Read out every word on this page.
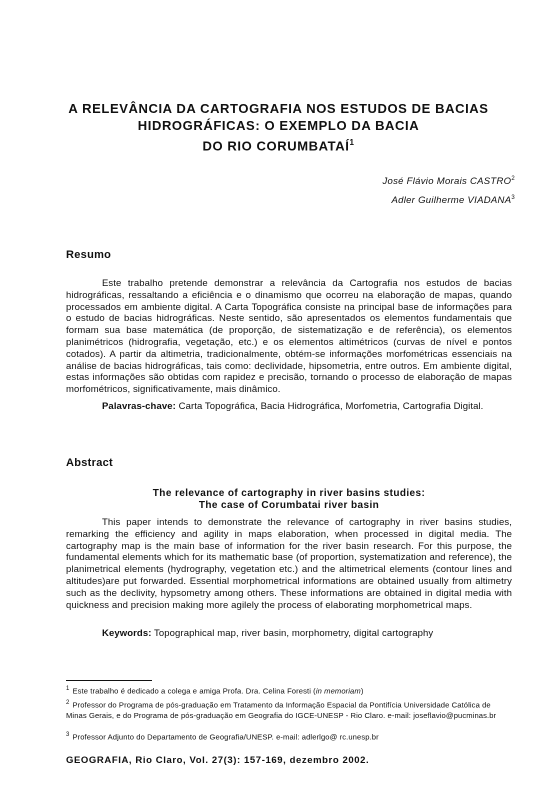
A RELEVÂNCIA DA CARTOGRAFIA NOS ESTUDOS DE BACIAS
HIDROGRÁFICAS: O EXEMPLO DA BACIA
DO RIO CORUMBATAÍ$^1$
José Flávio Morais CASTRO$^2$
Adler Guilherme VIADANA$^3$
Resumo
Este trabalho pretende demonstrar a relevância da Cartografia nos estudos de bacias hidrográficas, ressaltando a eficiência e o dinamismo que ocorreu na elaboração de mapas, quando processados em ambiente digital. A Carta Topográfica consiste na principal base de informações para o estudo de bacias hidrográficas. Neste sentido, são apresentados os elementos fundamentais que formam sua base matemática (de proporção, de sistematização e de referência), os elementos planimétricos (hidrografia, vegetação, etc.) e os elementos altimétricos (curvas de nível e pontos cotados). A partir da altimetria, tradicionalmente, obtém-se informações morfométricas essenciais na análise de bacias hidrográficas, tais como: declividade, hipsometria, entre outros. Em ambiente digital, estas informações são obtidas com rapidez e precisão, tornando o processo de elaboração de mapas morfométricos, significativamente, mais dinâmico.
Palavras-chave: Carta Topográfica, Bacia Hidrográfica, Morfometria, Cartografia Digital.
Abstract
The relevance of cartography in river basins studies:
The case of Corumbatai river basin
This paper intends to demonstrate the relevance of cartography in river basins studies, remarking the efficiency and agility in maps elaboration, when processed in digital media. The cartography map is the main base of information for the river basin research. For this purpose, the fundamental elements which for its mathematic base (of proportion, systematization and reference), the planimetrical elements (hydrography, vegetation etc.) and the altimetrical elements (contour lines and altitudes)are put forwarded. Essential morphometrical informations are obtained usually from altimetry such as the declivity, hypsometry among others. These informations are obtained in digital media with quickness and precision making more agilely the process of elaborating morphometrical maps.
Keywords: Topographical map, river basin, morphometry, digital cartography
$^1$ Este trabalho é dedicado a colega e amiga Profa. Dra. Celina Foresti (in memoriam)
$^2$ Professor do Programa de pós-graduação em Tratamento da Informação Espacial da Pontifícia Universidade Católica de Minas Gerais, e do Programa de pós-graduação em Geografia do IGCE-UNESP - Rio Claro. e-mail: joseflavio@pucminas.br
$^3$ Professor Adjunto do Departamento de Geografia/UNESP. e-mail: adlerlgo@ rc.unesp.br
GEOGRAFIA, Rio Claro, Vol. 27(3): 157-169, dezembro 2002.
